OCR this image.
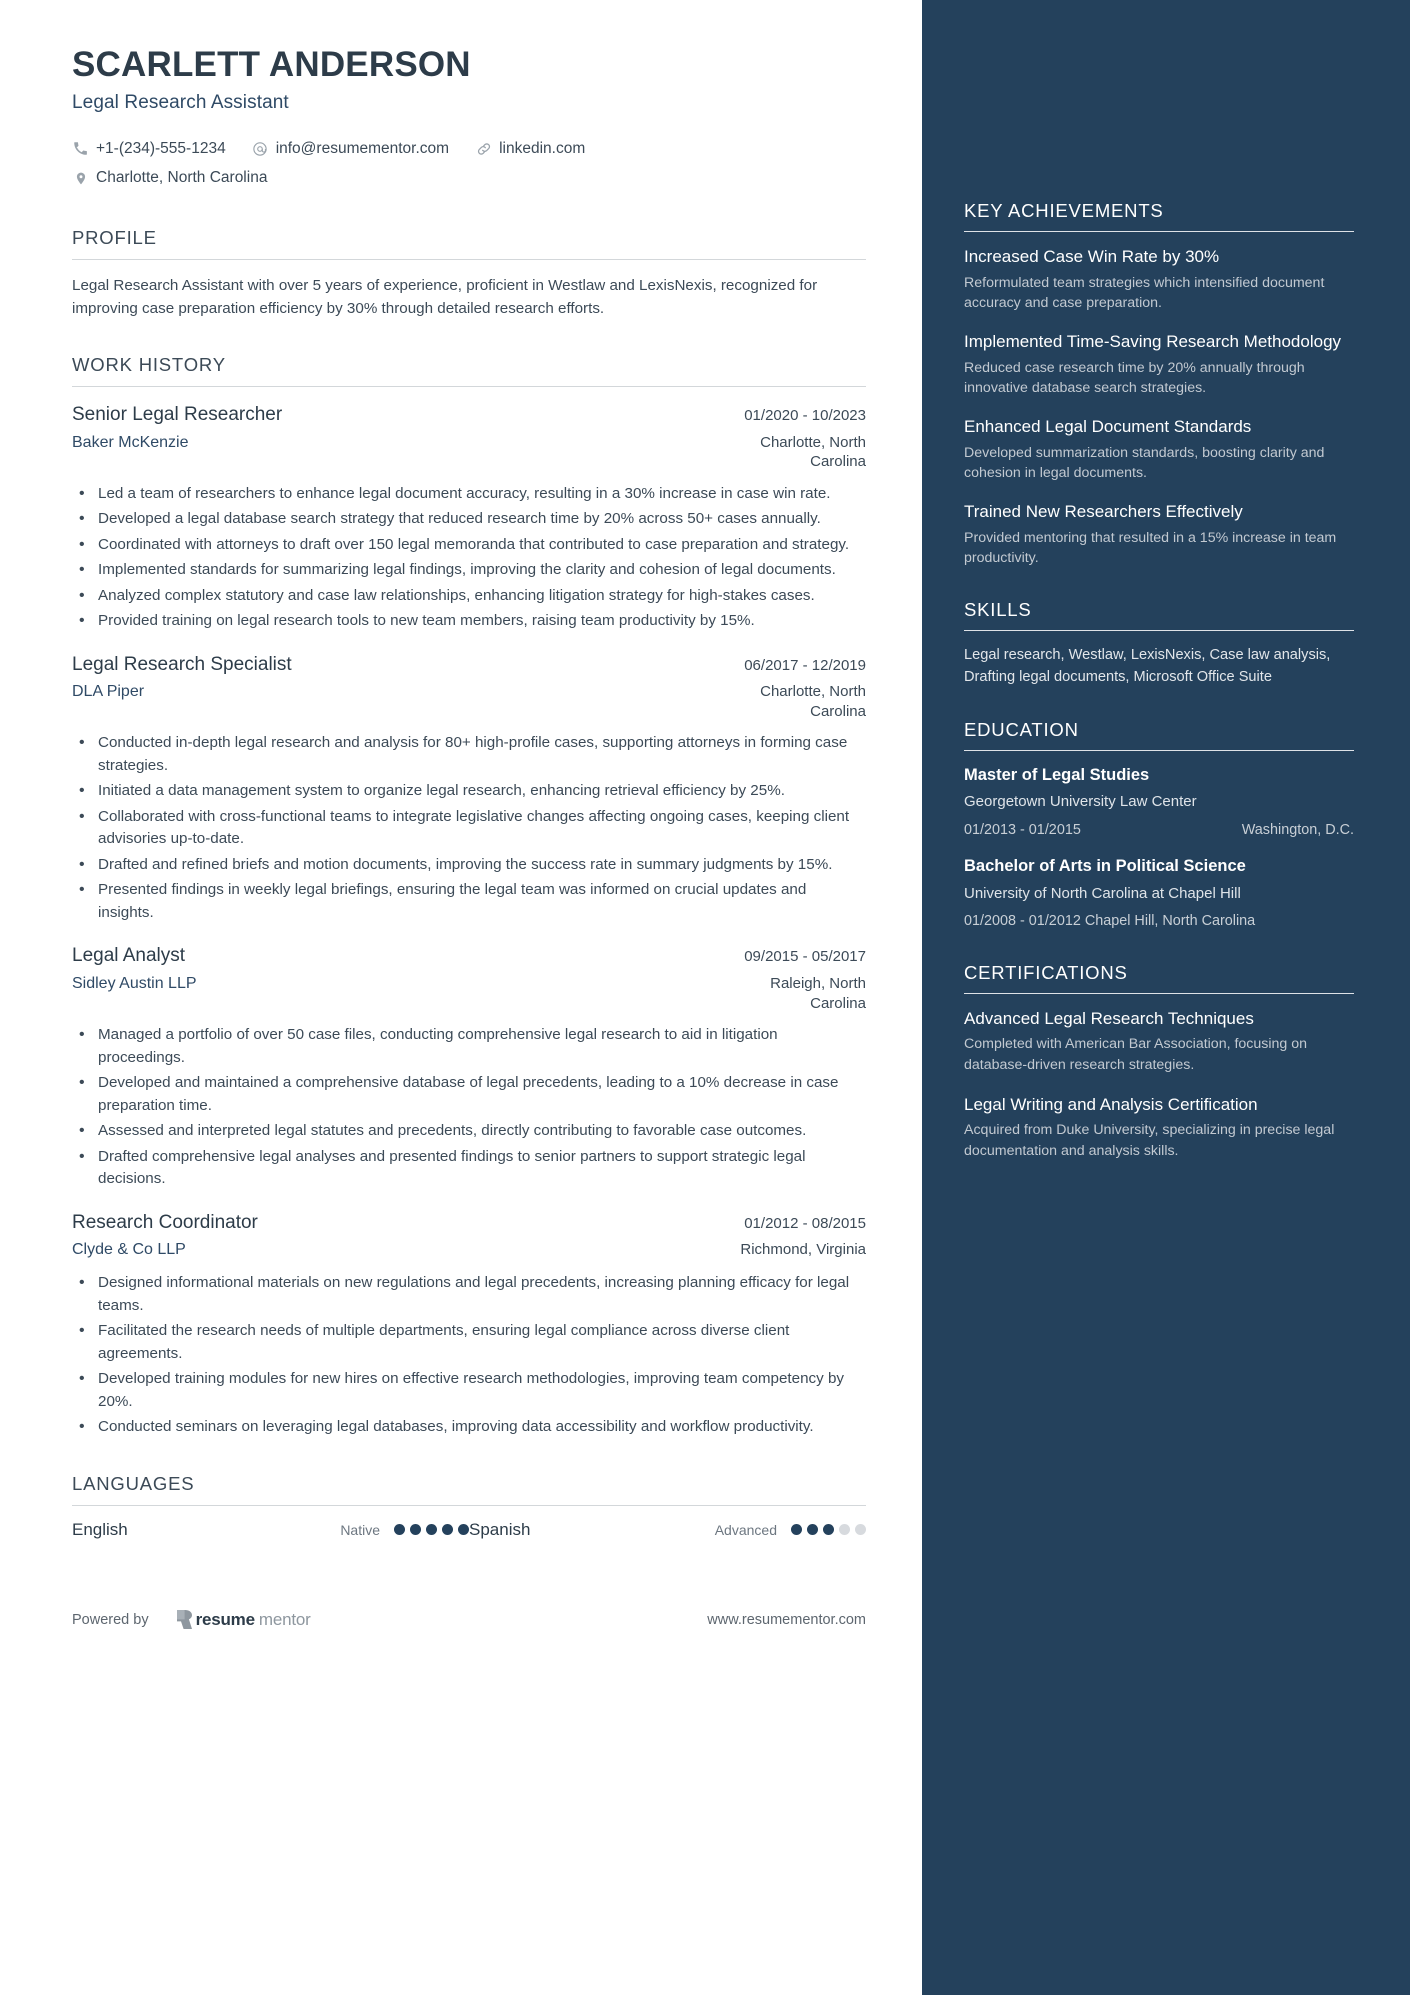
SCARLETT ANDERSON
Legal Research Assistant
+1-(234)-555-1234	info@resumementor.com	linkedin.com
Charlotte, North Carolina
PROFILE
Legal Research Assistant with over 5 years of experience, proficient in Westlaw and LexisNexis, recognized for improving case preparation efficiency by 30% through detailed research efforts.
WORK HISTORY
Senior Legal Researcher	01/2020 - 10/2023
Baker McKenzie	Charlotte, North Carolina
• Led a team of researchers to enhance legal document accuracy, resulting in a 30% increase in case win rate.
• Developed a legal database search strategy that reduced research time by 20% across 50+ cases annually.
• Coordinated with attorneys to draft over 150 legal memoranda that contributed to case preparation and strategy.
• Implemented standards for summarizing legal findings, improving the clarity and cohesion of legal documents.
• Analyzed complex statutory and case law relationships, enhancing litigation strategy for high-stakes cases.
• Provided training on legal research tools to new team members, raising team productivity by 15%.
Legal Research Specialist	06/2017 - 12/2019
DLA Piper	Charlotte, North Carolina
• Conducted in-depth legal research and analysis for 80+ high-profile cases, supporting attorneys in forming case strategies.
• Initiated a data management system to organize legal research, enhancing retrieval efficiency by 25%.
• Collaborated with cross-functional teams to integrate legislative changes affecting ongoing cases, keeping client advisories up-to-date.
• Drafted and refined briefs and motion documents, improving the success rate in summary judgments by 15%.
• Presented findings in weekly legal briefings, ensuring the legal team was informed on crucial updates and insights.
Legal Analyst	09/2015 - 05/2017
Sidley Austin LLP	Raleigh, North Carolina
• Managed a portfolio of over 50 case files, conducting comprehensive legal research to aid in litigation proceedings.
• Developed and maintained a comprehensive database of legal precedents, leading to a 10% decrease in case preparation time.
• Assessed and interpreted legal statutes and precedents, directly contributing to favorable case outcomes.
• Drafted comprehensive legal analyses and presented findings to senior partners to support strategic legal decisions.
Research Coordinator	01/2012 - 08/2015
Clyde & Co LLP	Richmond, Virginia
• Designed informational materials on new regulations and legal precedents, increasing planning efficacy for legal teams.
• Facilitated the research needs of multiple departments, ensuring legal compliance across diverse client agreements.
• Developed training modules for new hires on effective research methodologies, improving team competency by 20%.
• Conducted seminars on leveraging legal databases, improving data accessibility and workflow productivity.
LANGUAGES
English	Native	Spanish	Advanced
Powered by	resume mentor	www.resumementor.com
KEY ACHIEVEMENTS
Increased Case Win Rate by 30%
Reformulated team strategies which intensified document accuracy and case preparation.
Implemented Time-Saving Research Methodology
Reduced case research time by 20% annually through innovative database search strategies.
Enhanced Legal Document Standards
Developed summarization standards, boosting clarity and cohesion in legal documents.
Trained New Researchers Effectively
Provided mentoring that resulted in a 15% increase in team productivity.
SKILLS
Legal research, Westlaw, LexisNexis, Case law analysis, Drafting legal documents, Microsoft Office Suite
EDUCATION
Master of Legal Studies
Georgetown University Law Center
01/2013 - 01/2015	Washington, D.C.
Bachelor of Arts in Political Science
University of North Carolina at Chapel Hill
01/2008 - 01/2012 Chapel Hill, North Carolina
CERTIFICATIONS
Advanced Legal Research Techniques
Completed with American Bar Association, focusing on database-driven research strategies.
Legal Writing and Analysis Certification
Acquired from Duke University, specializing in precise legal documentation and analysis skills.
